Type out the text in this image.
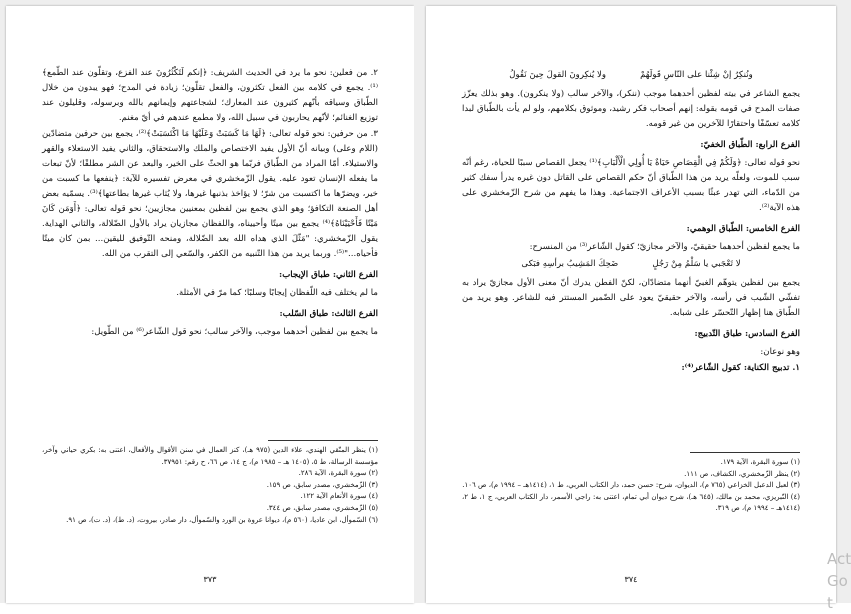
٢. من فعلين: نحو ما يرد في الحديث الشريف: ﴿إنكم لَتَكْثُرُونَ عند الفزع، وتقلّون عند الطّمع﴾⁽¹⁾. يجمع في كلامه بين الفعل تكثرون، والفعل تقلّون؛ زيادة في المدح؛ فهو يبدون من خلال الطّباق وسياقه بأنّهم كثيرون عند المعارك؛ لشجاعتهم وإيمانهم بالله وبرسوله، وقليلون عند توزيع الغنائم؛ لأنّهم يحاربون في سبيل الله، ولا مطمع عندهم في أيّ مغنم.

٣. من حرفين: نحو قوله تعالى: ﴿لَهَا مَا كَسَبَتْ وَعَلَيْهَا مَا اكْتَسَبَتْ﴾⁽²⁾، يجمع بين حرفين متضادّين (اللام وعلى) وبيانه أنّ الأول يفيد الاختصاص والملك والاستحقاق، والثاني يفيد الاستعلاء والقهر والاستيلاء. أمّا المراد من الطّباق فربّما هو الحثّ على الخير، والبعد عن الشر مطلقًا؛ لأنّ تبعات ما يفعله الإنسان تعود عليه. يقول الزّمخشري في معرض تفسيره للآية: ﴿ينفعها ما كسبت من خير، ويضرّها ما اكتسبت من شرّ؛ لا يؤاخذ بذنبها غيرها، ولا يُثاب غيرها بطاعتها﴾⁽³⁾. يسمّيه بعض أهل الصنعة التكافؤ؛ وهو الذي يجمع بين لفظين بمعنيين مجازيين؛ نحو قوله تعالى: ﴿أَوَمَن كَانَ مَيْتًا فَأَحْيَيْنَاهُ﴾⁽⁴⁾ يجمع بين ميتًا وأحييناه، واللفظان مجازيان يراد بالأول الضّلالة، والثاني الهداية. يقول الزّمخشري: "مَثّلَ الذي هداه الله بعد الضّلالة، ومنحه التّوفيق لليقين... بمن كان ميتًا فأحياه..."⁽⁵⁾. وربما يريد من هذا التّنبيه من الكفر، والسّعي إلى التقرب من الله.

الفرع الثاني: طباق الإيجاب:

ما لم يختلف فيه اللّفظان إيجابًا وسلبًا؛ كما مرّ في الأمثلة.

الفرع الثالث: طباق السّلب:

ما يجمع بين لفظين أحدهما موجب، والآخر سالب؛ نحو قول الشّاعر⁽⁶⁾ من الطّويل:

(١) ينظر المتّقي الهندي، علاء الدين (٩٧٥ هـ)، كنز العمال في سنن الأقوال والأفعال، اعتنى به: بكري حياني وآخر، مؤسسة الرسالة، ط ٥، (١٤٠٥ هـ – ١٩٨٥ م)، ج ١٤، ص ٦٦، ح رقم: ٣٧٩٥١.
(٢) سورة البقرة، الآية ٢٨٦.
(٣) الزّمخشري، مصدر سابق، ص ١٥٩.
(٤) سورة الأنعام الآية ١٢٢.
(٥) الزّمخشري، مصدر سابق، ص ٣٤٤.
(٦) السّموأل، ابن عاديا، (٥٦٠ م)، ديوانا عروة بن الورد والسّموأل، دار صادر، بيروت، (د. ط)، (د. ت)، ص ٩١.
٣٧٣
ونُنكِرُ إنْ شِئْنا على النّاسِ قَولَهُمْ
ولا يُنكِرونَ القولَ حِينَ نَقُولُ

يجمع الشاعر في بيته لفظين أحدهما موجب (ننكر)، والآخر سالب (ولا ينكرون). وهو بذلك يعزّز صفات المدح في قومه بقوله: إنهم أصحاب فكر رشيد، وموثوق بكلامهم، ولو لم يأت بالطّباق لبدا كلامه تعسّفًا واحتقارًا للآخرين من غير قومه.

الفرع الرابع: الطّباق الخفيّ:

نحو قوله تعالى: ﴿وَلَكُمْ فِي الْقِصَاصِ حَيَاةٌ يَا أُولِي الْأَلْبَابِ﴾⁽¹⁾ يجعل القصاص سببًا للحياة، رغم أنّه سبب للموت، ولعلّه يريد من هذا الطّباق أنّ حكم القصاص على القاتل دون غيره يدرأ سفك كثير من الدّماء، التي تهدر عبثًا بسبب الأعراف الاجتماعية. وهذا ما يفهم من شرح الزّمخشري على هذه الآية⁽²⁾.

الفرع الخامس: الطّباق الوهمي:

ما يجمع لفظين أحدهما حقيقيّ، والآخر مجازيّ؛ كقول الشّاعر⁽³⁾ من المنسرح:

لا تَعْجَبي يا سَلْمُ مِنْ رَجُلٍ
ضَحِكَ المَشِيبُ برأسِهِ فبَكى

يجمع بين لفظين يتوهّم الغبيّ أنهما متضادّان، لكنّ الفطن يدرك أنّ معنى الأول مجازيّ يراد به تفشّي الشّيب في رأسه، والآخر حقيقيّ يعود على الضّمير المستتر فيه للشاعر. وهو يريد من الطّباق هنا إظهار التّحسّر على شبابه.

الفرع السادس: طباق التّدبيج:

وهو نوعان:

١. تدبيج الكناية: كقول الشّاعر⁽⁴⁾:

(١) سورة البقرة، الآية ١٧٩.
(٢) ينظر الزّمخشري، الكشاف، ص ١١١.
(٣) لعبل الدعبل الخزاعي (٧٦٥ م)، الديوان، شرح: حسن حمد، دار الكتاب العربي، ط ١، (١٤١٤هـ – ١٩٩٤ م)، ص ١٠٦.
(٤) التّبريزي، محمد بن مالك، (٦٤٥ هـ)، شرح ديوان أبي تمام، اعتنى به: راجي الأسمر، دار الكتاب العربي، ج ١، ط ٢، (١٤١٤هـ – ١٩٩٤ م)، ص ٣١٩.
٣٧٤
Act
Go t
